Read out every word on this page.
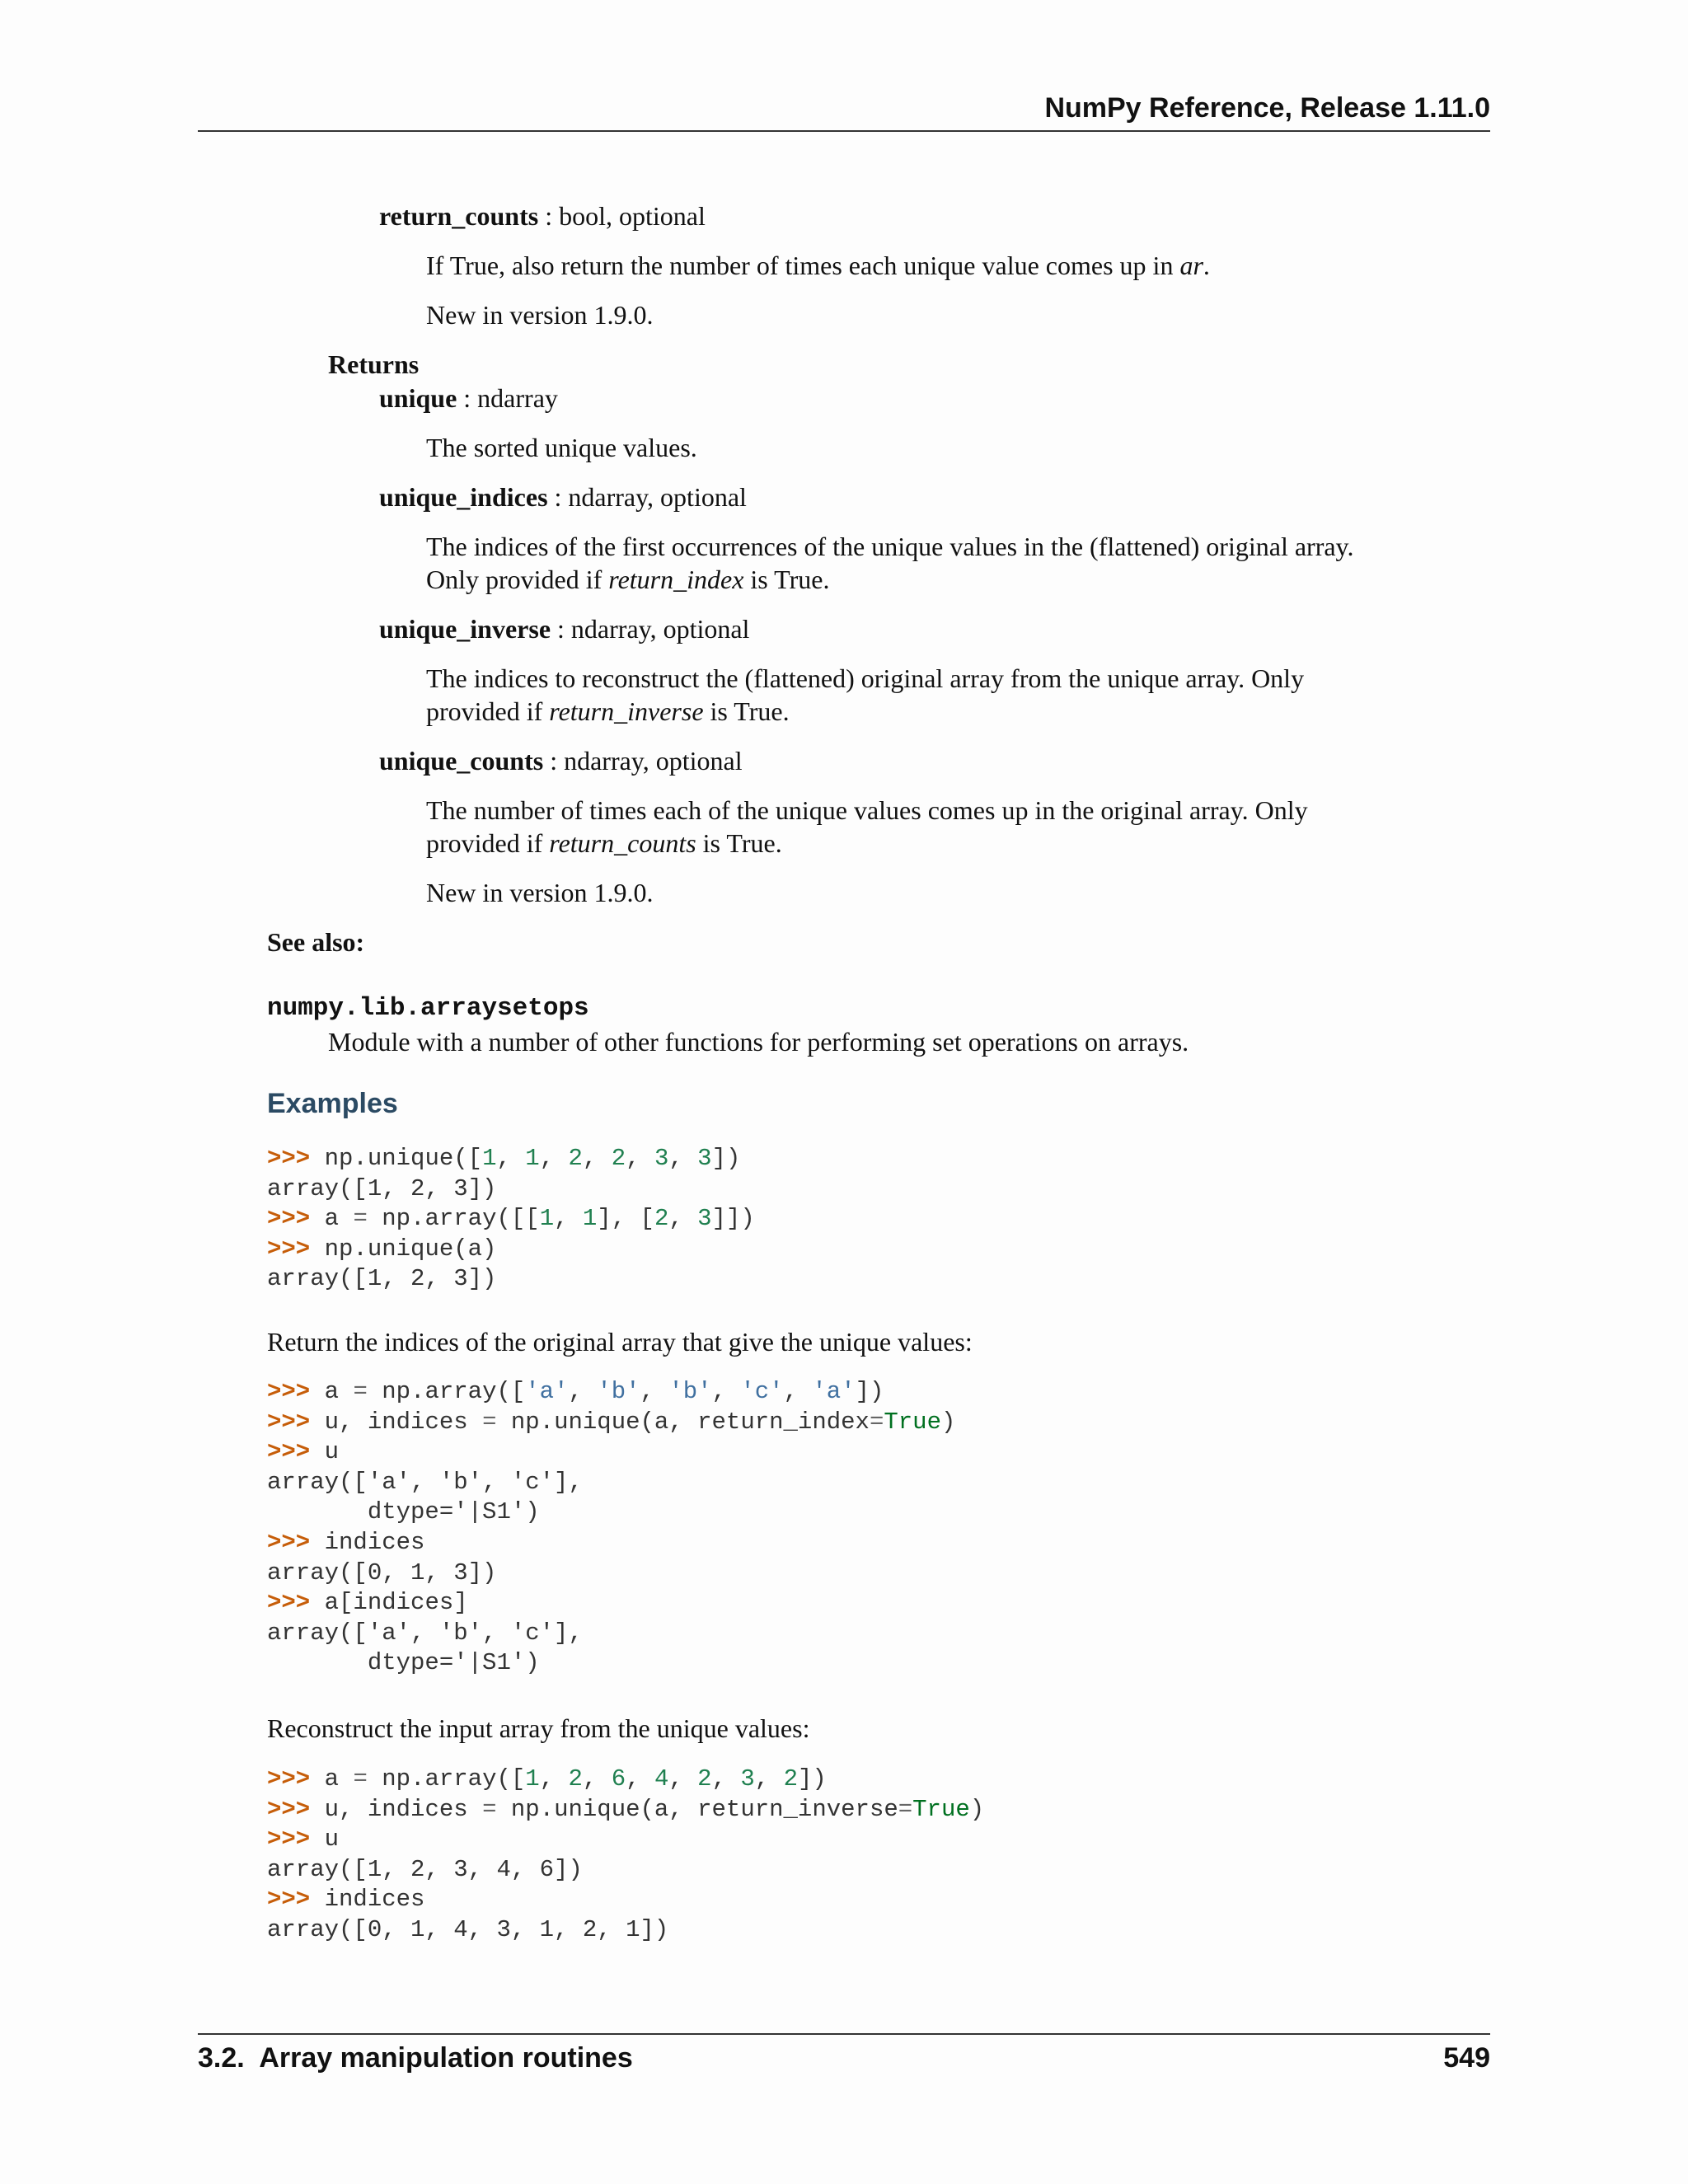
NumPy Reference, Release 1.11.0
return_counts : bool, optional
If True, also return the number of times each unique value comes up in ar.
New in version 1.9.0.
Returns
unique : ndarray
The sorted unique values.
unique_indices : ndarray, optional
The indices of the first occurrences of the unique values in the (flattened) original array.
Only provided if return_index is True.
unique_inverse : ndarray, optional
The indices to reconstruct the (flattened) original array from the unique array. Only
provided if return_inverse is True.
unique_counts : ndarray, optional
The number of times each of the unique values comes up in the original array. Only
provided if return_counts is True.
New in version 1.9.0.
See also:
numpy.lib.arraysetops
Module with a number of other functions for performing set operations on arrays.
Examples
>>> np.unique([1, 1, 2, 2, 3, 3])
array([1, 2, 3])
>>> a = np.array([[1, 1], [2, 3]])
>>> np.unique(a)
array([1, 2, 3])
Return the indices of the original array that give the unique values:
>>> a = np.array(['a', 'b', 'b', 'c', 'a'])
>>> u, indices = np.unique(a, return_index=True)
>>> u
array(['a', 'b', 'c'],
dtype='|S1')
>>> indices
array([0, 1, 3])
>>> a[indices]
array(['a', 'b', 'c'],
dtype='|S1')
Reconstruct the input array from the unique values:
>>> a = np.array([1, 2, 6, 4, 2, 3, 2])
>>> u, indices = np.unique(a, return_inverse=True)
>>> u
array([1, 2, 3, 4, 6])
>>> indices
array([0, 1, 4, 3, 1, 2, 1])
3.2.  Array manipulation routines	549
